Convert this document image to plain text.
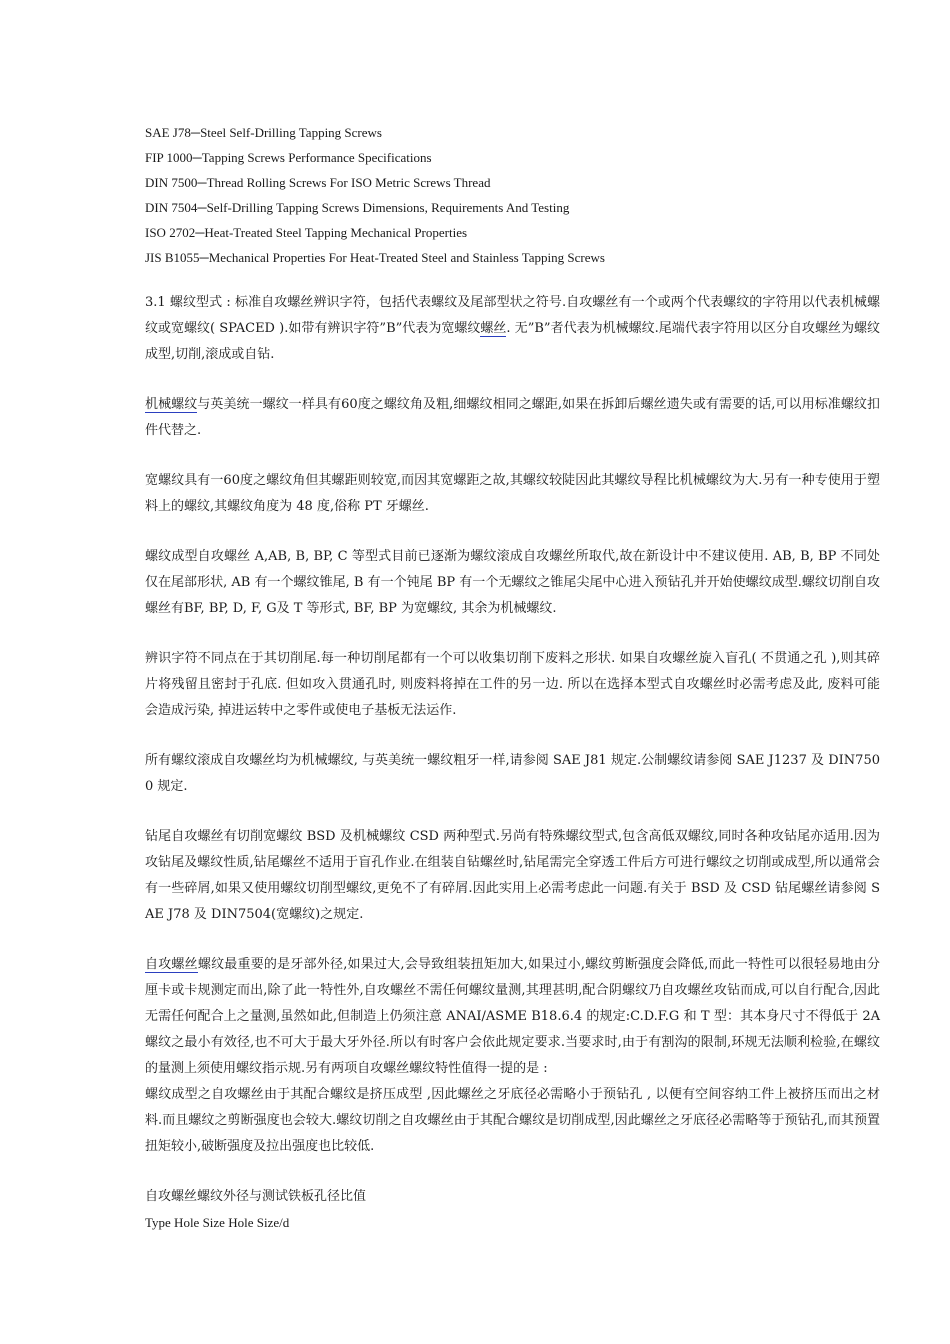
SAE J78─Steel Self-Drilling Tapping Screws
FIP 1000─Tapping Screws Performance Specifications
DIN 7500─Thread Rolling Screws For ISO Metric Screws Thread
DIN 7504─Self-Drilling Tapping Screws Dimensions, Requirements And Testing
ISO 2702─Heat-Treated Steel Tapping Mechanical Properties
JIS B1055─Mechanical Properties For Heat-Treated Steel and Stainless Tapping Screws

3.1 螺纹型式 : 标准自攻螺丝辨识字符，包括代表螺纹及尾部型状之符号.自攻螺丝有一个或两个代表螺纹的字符用以代表机械螺纹或宽螺纹( SPACED ).如带有辨识字符”B”代表为宽螺纹螺丝. 无”B”者代表为机械螺纹.尾端代表字符用以区分自攻螺丝为螺纹成型,切削,滚成或自钻.

机械螺纹与英美统一螺纹一样具有60度之螺纹角及粗,细螺纹相同之螺距,如果在拆卸后螺丝遗失或有需要的话,可以用标准螺纹扣件代替之.

宽螺纹具有一60度之螺纹角但其螺距则较宽,而因其宽螺距之故,其螺纹较陡因此其螺纹导程比机械螺纹为大.另有一种专使用于塑料上的螺纹,其螺纹角度为 48 度,俗称 PT 牙螺丝.

螺纹成型自攻螺丝 A,AB, B, BP, C 等型式目前已逐渐为螺纹滚成自攻螺丝所取代,故在新设计中不建议使用. AB, B, BP 不同处仅在尾部形状, AB 有一个螺纹锥尾, B 有一个钝尾 BP 有一个无螺纹之锥尾尖尾中心进入预钻孔并开始使螺纹成型.螺纹切削自攻螺丝有BF, BP, D, F, G及 T 等形式, BF, BP 为宽螺纹, 其余为机械螺纹.

辨识字符不同点在于其切削尾.每一种切削尾都有一个可以收集切削下废料之形状. 如果自攻螺丝旋入盲孔( 不贯通之孔 ),则其碎片将残留且密封于孔底. 但如攻入贯通孔时, 则废料将掉在工件的另一边. 所以在选择本型式自攻螺丝时必需考虑及此, 废料可能会造成污染, 掉进运转中之零件或使电子基板无法运作.

所有螺纹滚成自攻螺丝均为机械螺纹, 与英美统一螺纹粗牙一样,请参阅 SAE J81 规定.公制螺纹请参阅 SAE J1237 及 DIN7500 规定.

钻尾自攻螺丝有切削宽螺纹 BSD 及机械螺纹 CSD 两种型式.另尚有特殊螺纹型式,包含高低双螺纹,同时各种攻钻尾亦适用.因为攻钻尾及螺纹性质,钻尾螺丝不适用于盲孔作业.在组装自钻螺丝时,钻尾需完全穿透工件后方可进行螺纹之切削或成型,所以通常会有一些碎屑,如果又使用螺纹切削型螺纹,更免不了有碎屑.因此实用上必需考虑此一问题.有关于 BSD 及 CSD 钻尾螺丝请参阅 SAE J78 及 DIN7504(宽螺纹)之规定.

自攻螺丝螺纹最重要的是牙部外径,如果过大,会导致组装扭矩加大,如果过小,螺纹剪断强度会降低,而此一特性可以很轻易地由分厘卡或卡规测定而出,除了此一特性外,自攻螺丝不需任何螺纹量测,其理甚明,配合阴螺纹乃自攻螺丝攻钻而成,可以自行配合,因此无需任何配合上之量测,虽然如此,但制造上仍须注意 ANAI/ASME B18.6.4 的规定:C.D.F.G 和 T 型：其本身尺寸不得低于 2A 螺纹之最小有效径,也不可大于最大牙外径.所以有时客户会依此规定要求.当要求时,由于有割沟的限制,环规无法顺利检验,在螺纹的量测上须使用螺纹指示规.另有两项自攻螺丝螺纹特性值得一提的是 :

螺纹成型之自攻螺丝由于其配合螺纹是挤压成型 ,因此螺丝之牙底径必需略小于预钻孔 , 以便有空间容纳工件上被挤压而出之材料.而且螺纹之剪断强度也会较大.螺纹切削之自攻螺丝由于其配合螺纹是切削成型,因此螺丝之牙底径必需略等于预钻孔,而其预置扭矩较小,破断强度及拉出强度也比较低.

自攻螺丝螺纹外径与测试铁板孔径比值

Type Hole Size Hole Size/d
